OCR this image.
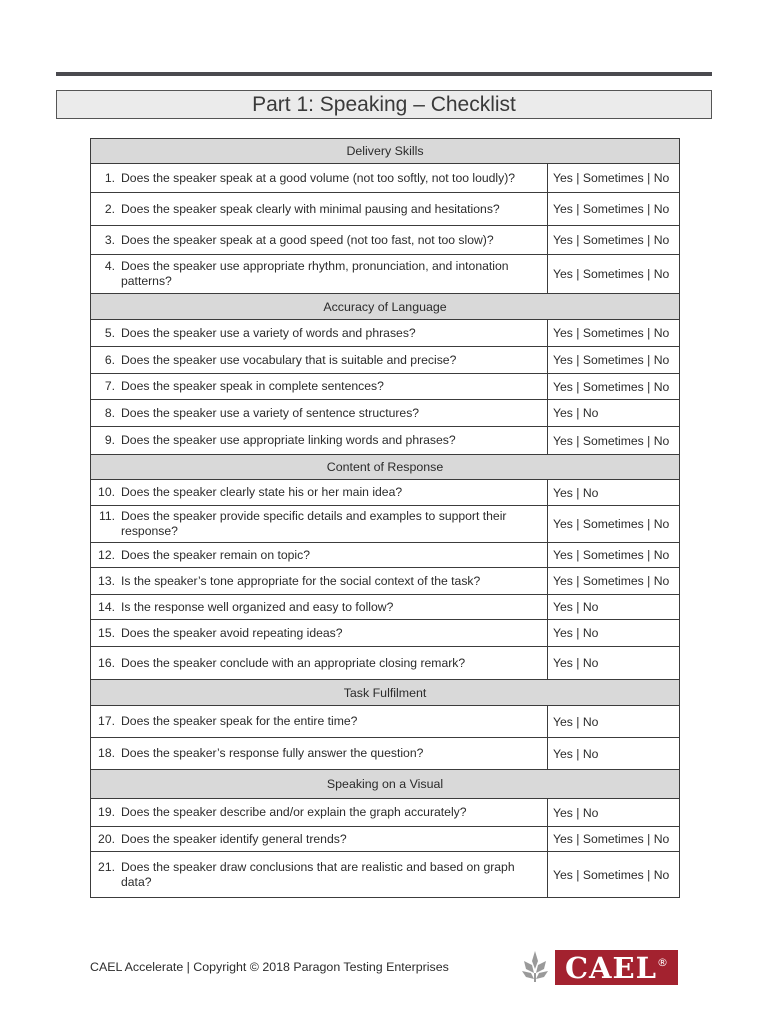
Part 1: Speaking – Checklist
Delivery Skills	

1. Does the speaker speak at a good volume (not too softly, not too loudly)?	Yes | Sometimes | No

2. Does the speaker speak clearly with minimal pausing and hesitations?	Yes | Sometimes | No

3. Does the speaker speak at a good speed (not too fast, not too slow)?	Yes | Sometimes | No

4. Does the speaker use appropriate rhythm, pronunciation, and intonation patterns?	Yes | Sometimes | No
Accuracy of Language	

5. Does the speaker use a variety of words and phrases?	Yes | Sometimes | No

6. Does the speaker use vocabulary that is suitable and precise?	Yes | Sometimes | No

7. Does the speaker speak in complete sentences?	Yes | Sometimes | No

8. Does the speaker use a variety of sentence structures?	Yes | No

9. Does the speaker use appropriate linking words and phrases?	Yes | Sometimes | No
Content of Response	

10. Does the speaker clearly state his or her main idea?	Yes | No

11. Does the speaker provide specific details and examples to support their response?	Yes | Sometimes | No

12. Does the speaker remain on topic?	Yes | Sometimes | No

13. Is the speaker’s tone appropriate for the social context of the task?	Yes | Sometimes | No

14. Is the response well organized and easy to follow?	Yes | No

15. Does the speaker avoid repeating ideas?	Yes | No

16. Does the speaker conclude with an appropriate closing remark?	Yes | No
Task Fulfilment	

17. Does the speaker speak for the entire time?	Yes | No

18. Does the speaker’s response fully answer the question?	Yes | No
Speaking on a Visual	

19. Does the speaker describe and/or explain the graph accurately?	Yes | No

20. Does the speaker identify general trends?	Yes | Sometimes | No

21. Does the speaker draw conclusions that are realistic and based on graph data?	Yes | Sometimes | No
CAEL Accelerate | Copyright © 2018 Paragon Testing Enterprises	CAEL ®
